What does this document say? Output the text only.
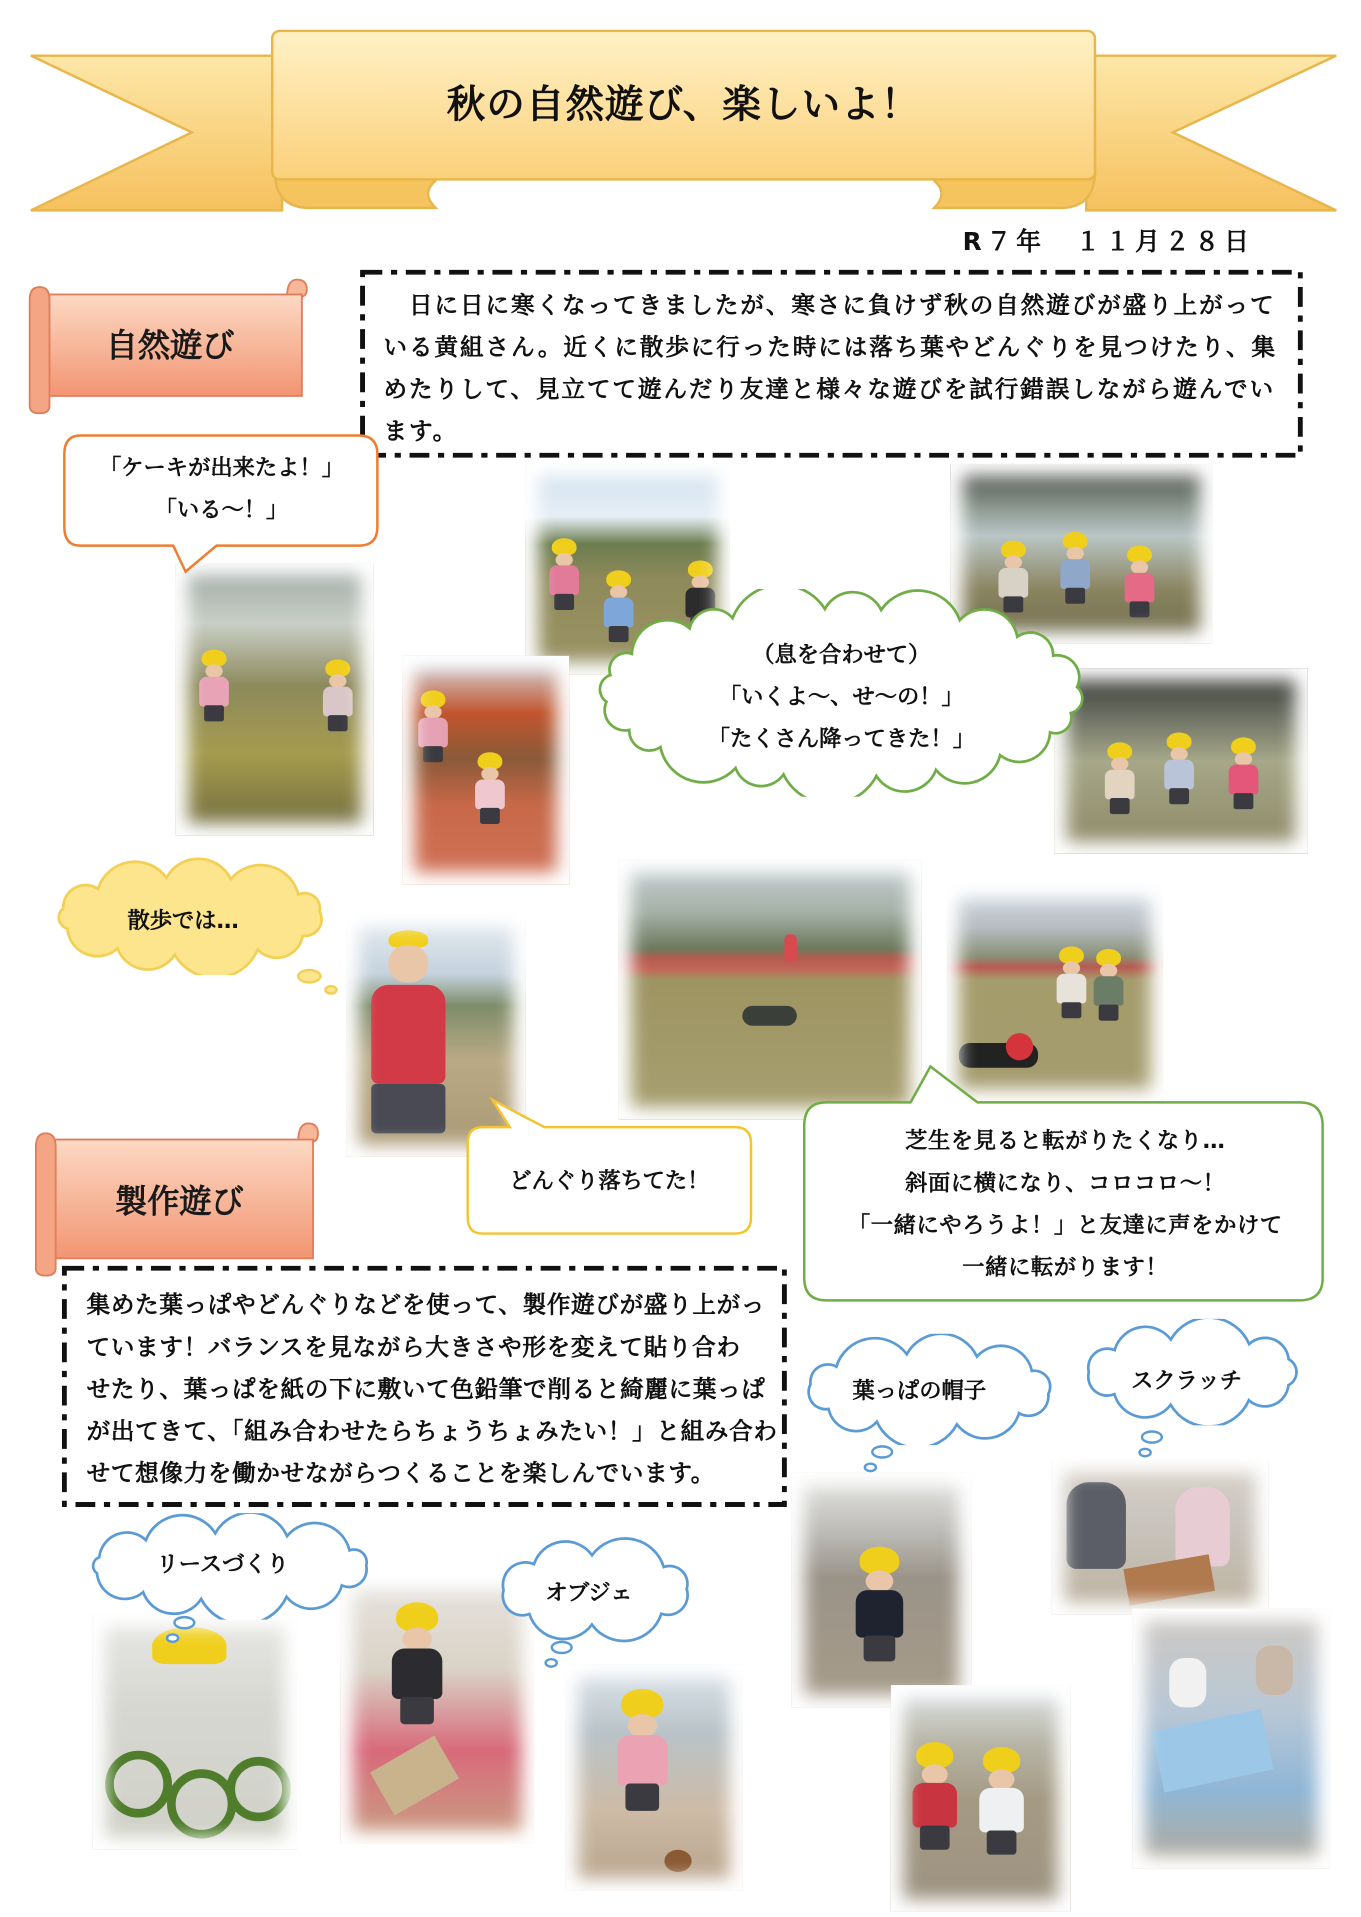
秋の自然遊び、楽しいよ！
R７年　１１月２８日
自然遊び
　日に日に寒くなってきましたが、寒さに負けず秋の自然遊びが盛り上がって
いる黄組さん。近くに散歩に行った時には落ち葉やどんぐりを見つけたり、集
めたりして、見立てて遊んだり友達と様々な遊びを試行錯誤しながら遊んでい
ます。
「ケーキが出来たよ！」
「いる～！」
（息を合わせて）
「いくよ～、せ～の！」
「たくさん降ってきた！」
散歩では…
どんぐり落ちてた！
芝生を見ると転がりたくなり…
斜面に横になり、コロコロ～！
「一緒にやろうよ！」と友達に声をかけて
一緒に転がります！
製作遊び
集めた葉っぱやどんぐりなどを使って、製作遊びが盛り上がっ
ています！バランスを見ながら大きさや形を変えて貼り合わ
せたり、葉っぱを紙の下に敷いて色鉛筆で削ると綺麗に葉っぱ
が出てきて、「組み合わせたらちょうちょみたい！」と組み合わ
せて想像力を働かせながらつくることを楽しんでいます。
葉っぱの帽子	スクラッチ
リースづくり
オブジェ
